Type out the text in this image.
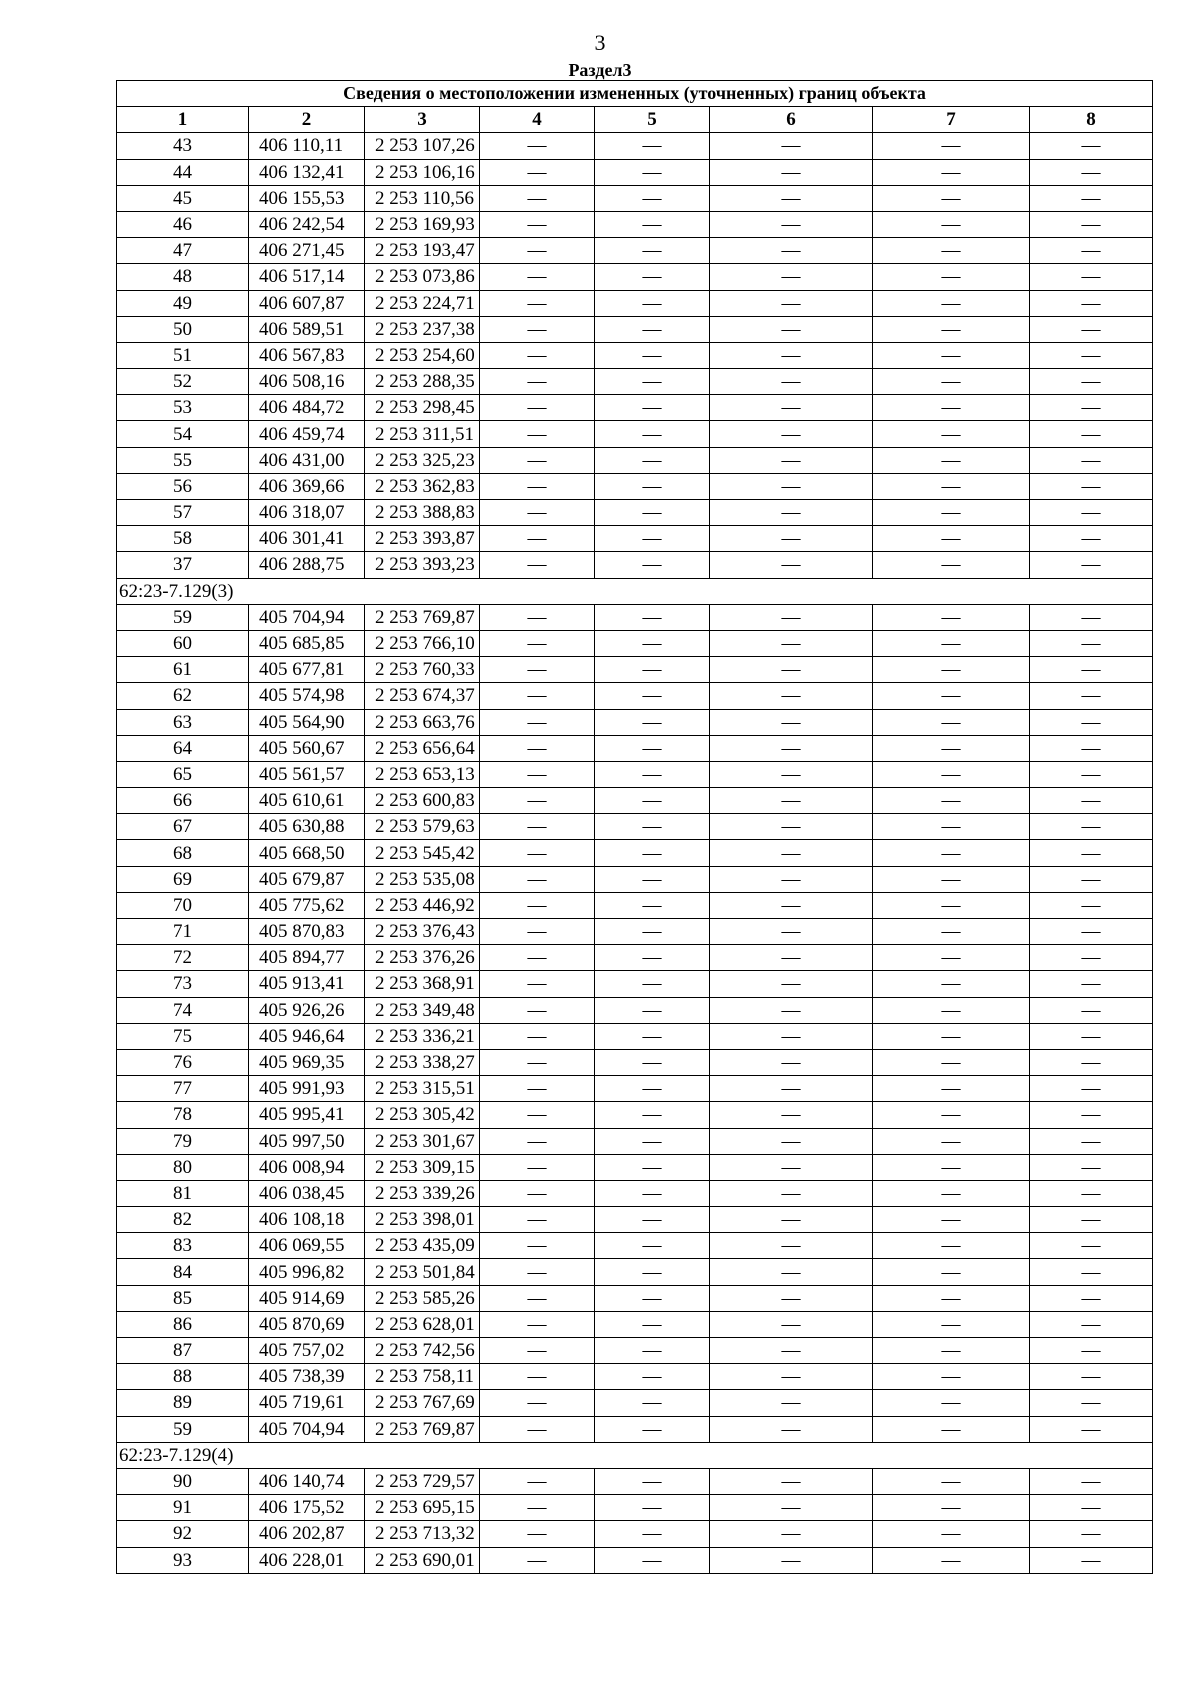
3
Раздел3
Сведения о местоположении измененных (уточненных) границ объекта							
1	2	3	4	5	6	7	8
43	406 110,11	2 253 107,26	—	—	—	—	—
44	406 132,41	2 253 106,16	—	—	—	—	—
45	406 155,53	2 253 110,56	—	—	—	—	—
46	406 242,54	2 253 169,93	—	—	—	—	—
47	406 271,45	2 253 193,47	—	—	—	—	—
48	406 517,14	2 253 073,86	—	—	—	—	—
49	406 607,87	2 253 224,71	—	—	—	—	—
50	406 589,51	2 253 237,38	—	—	—	—	—
51	406 567,83	2 253 254,60	—	—	—	—	—
52	406 508,16	2 253 288,35	—	—	—	—	—
53	406 484,72	2 253 298,45	—	—	—	—	—
54	406 459,74	2 253 311,51	—	—	—	—	—
55	406 431,00	2 253 325,23	—	—	—	—	—
56	406 369,66	2 253 362,83	—	—	—	—	—
57	406 318,07	2 253 388,83	—	—	—	—	—
58	406 301,41	2 253 393,87	—	—	—	—	—
37	406 288,75	2 253 393,23	—	—	—	—	—
62:23-7.129(3)							
59	405 704,94	2 253 769,87	—	—	—	—	—
60	405 685,85	2 253 766,10	—	—	—	—	—
61	405 677,81	2 253 760,33	—	—	—	—	—
62	405 574,98	2 253 674,37	—	—	—	—	—
63	405 564,90	2 253 663,76	—	—	—	—	—
64	405 560,67	2 253 656,64	—	—	—	—	—
65	405 561,57	2 253 653,13	—	—	—	—	—
66	405 610,61	2 253 600,83	—	—	—	—	—
67	405 630,88	2 253 579,63	—	—	—	—	—
68	405 668,50	2 253 545,42	—	—	—	—	—
69	405 679,87	2 253 535,08	—	—	—	—	—
70	405 775,62	2 253 446,92	—	—	—	—	—
71	405 870,83	2 253 376,43	—	—	—	—	—
72	405 894,77	2 253 376,26	—	—	—	—	—
73	405 913,41	2 253 368,91	—	—	—	—	—
74	405 926,26	2 253 349,48	—	—	—	—	—
75	405 946,64	2 253 336,21	—	—	—	—	—
76	405 969,35	2 253 338,27	—	—	—	—	—
77	405 991,93	2 253 315,51	—	—	—	—	—
78	405 995,41	2 253 305,42	—	—	—	—	—
79	405 997,50	2 253 301,67	—	—	—	—	—
80	406 008,94	2 253 309,15	—	—	—	—	—
81	406 038,45	2 253 339,26	—	—	—	—	—
82	406 108,18	2 253 398,01	—	—	—	—	—
83	406 069,55	2 253 435,09	—	—	—	—	—
84	405 996,82	2 253 501,84	—	—	—	—	—
85	405 914,69	2 253 585,26	—	—	—	—	—
86	405 870,69	2 253 628,01	—	—	—	—	—
87	405 757,02	2 253 742,56	—	—	—	—	—
88	405 738,39	2 253 758,11	—	—	—	—	—
89	405 719,61	2 253 767,69	—	—	—	—	—
59	405 704,94	2 253 769,87	—	—	—	—	—
62:23-7.129(4)							
90	406 140,74	2 253 729,57	—	—	—	—	—
91	406 175,52	2 253 695,15	—	—	—	—	—
92	406 202,87	2 253 713,32	—	—	—	—	—
93	406 228,01	2 253 690,01	—	—	—	—	—
